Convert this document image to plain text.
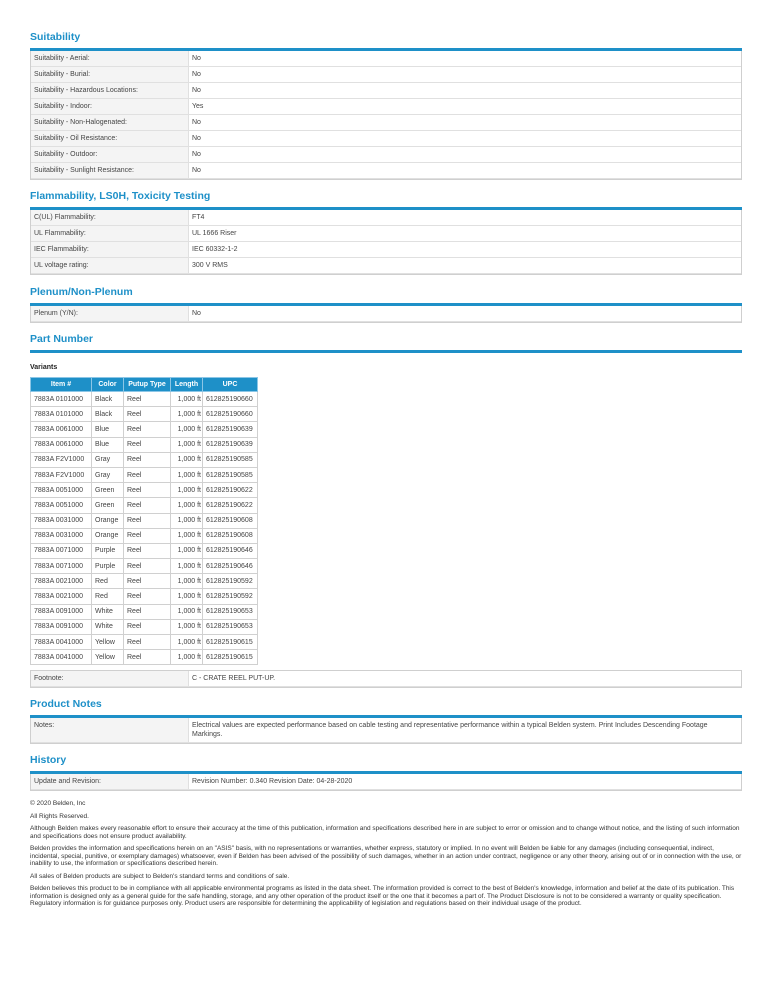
Suitability
Suitability - Aerial:	No
Suitability - Burial:	No
Suitability - Hazardous Locations:	No
Suitability - Indoor:	Yes
Suitability - Non-Halogenated:	No
Suitability - Oil Resistance:	No
Suitability - Outdoor:	No
Suitability - Sunlight Resistance:	No
Flammability, LS0H, Toxicity Testing
C(UL) Flammability:	FT4
UL Flammability:	UL 1666 Riser
IEC Flammability:	IEC 60332-1-2
UL voltage rating:	300 V RMS
Plenum/Non-Plenum
Plenum (Y/N):	No
Part Number
Variants
Item #	Color	Putup Type	Length	UPC
7883A 0101000	Black	Reel	1,000 ft	612825190660
7883A 0101000	Black	Reel	1,000 ft	612825190660
7883A 0061000	Blue	Reel	1,000 ft	612825190639
7883A 0061000	Blue	Reel	1,000 ft	612825190639
7883A F2V1000	Gray	Reel	1,000 ft	612825190585
7883A F2V1000	Gray	Reel	1,000 ft	612825190585
7883A 0051000	Green	Reel	1,000 ft	612825190622
7883A 0051000	Green	Reel	1,000 ft	612825190622
7883A 0031000	Orange	Reel	1,000 ft	612825190608
7883A 0031000	Orange	Reel	1,000 ft	612825190608
7883A 0071000	Purple	Reel	1,000 ft	612825190646
7883A 0071000	Purple	Reel	1,000 ft	612825190646
7883A 0021000	Red	Reel	1,000 ft	612825190592
7883A 0021000	Red	Reel	1,000 ft	612825190592
7883A 0091000	White	Reel	1,000 ft	612825190653
7883A 0091000	White	Reel	1,000 ft	612825190653
7883A 0041000	Yellow	Reel	1,000 ft	612825190615
7883A 0041000	Yellow	Reel	1,000 ft	612825190615
Footnote:	C - CRATE REEL PUT-UP.
Product Notes
Notes:	Electrical values are expected performance based on cable testing and representative performance within a typical Belden system. Print Includes Descending Footage Markings.
History
Update and Revision:	Revision Number: 0.340 Revision Date: 04-28-2020

© 2020 Belden, Inc

All Rights Reserved.

Although Belden makes every reasonable effort to ensure their accuracy at the time of this publication, information and specifications described here in are subject to error or omission and to change without notice, and the listing of such information and specifications does not ensure product availability.

Belden provides the information and specifications herein on an "ASIS" basis, with no representations or warranties, whether express, statutory or implied. In no event will Belden be liable for any damages (including consequential, indirect, incidental, special, punitive, or exemplary damages) whatsoever, even if Belden has been advised of the possibility of such damages, whether in an action under contract, negligence or any other theory, arising out of or in connection with the use, or inability to use, the information or specifications described herein.

All sales of Belden products are subject to Belden's standard terms and conditions of sale.

Belden believes this product to be in compliance with all applicable environmental programs as listed in the data sheet. The information provided is correct to the best of Belden's knowledge, information and belief at the date of its publication. This information is designed only as a general guide for the safe handling, storage, and any other operation of the product itself or the one that it becomes a part of. The Product Disclosure is not to be considered a warranty or quality specification. Regulatory information is for guidance purposes only. Product users are responsible for determining the applicability of legislation and regulations based on their individual usage of the product.
